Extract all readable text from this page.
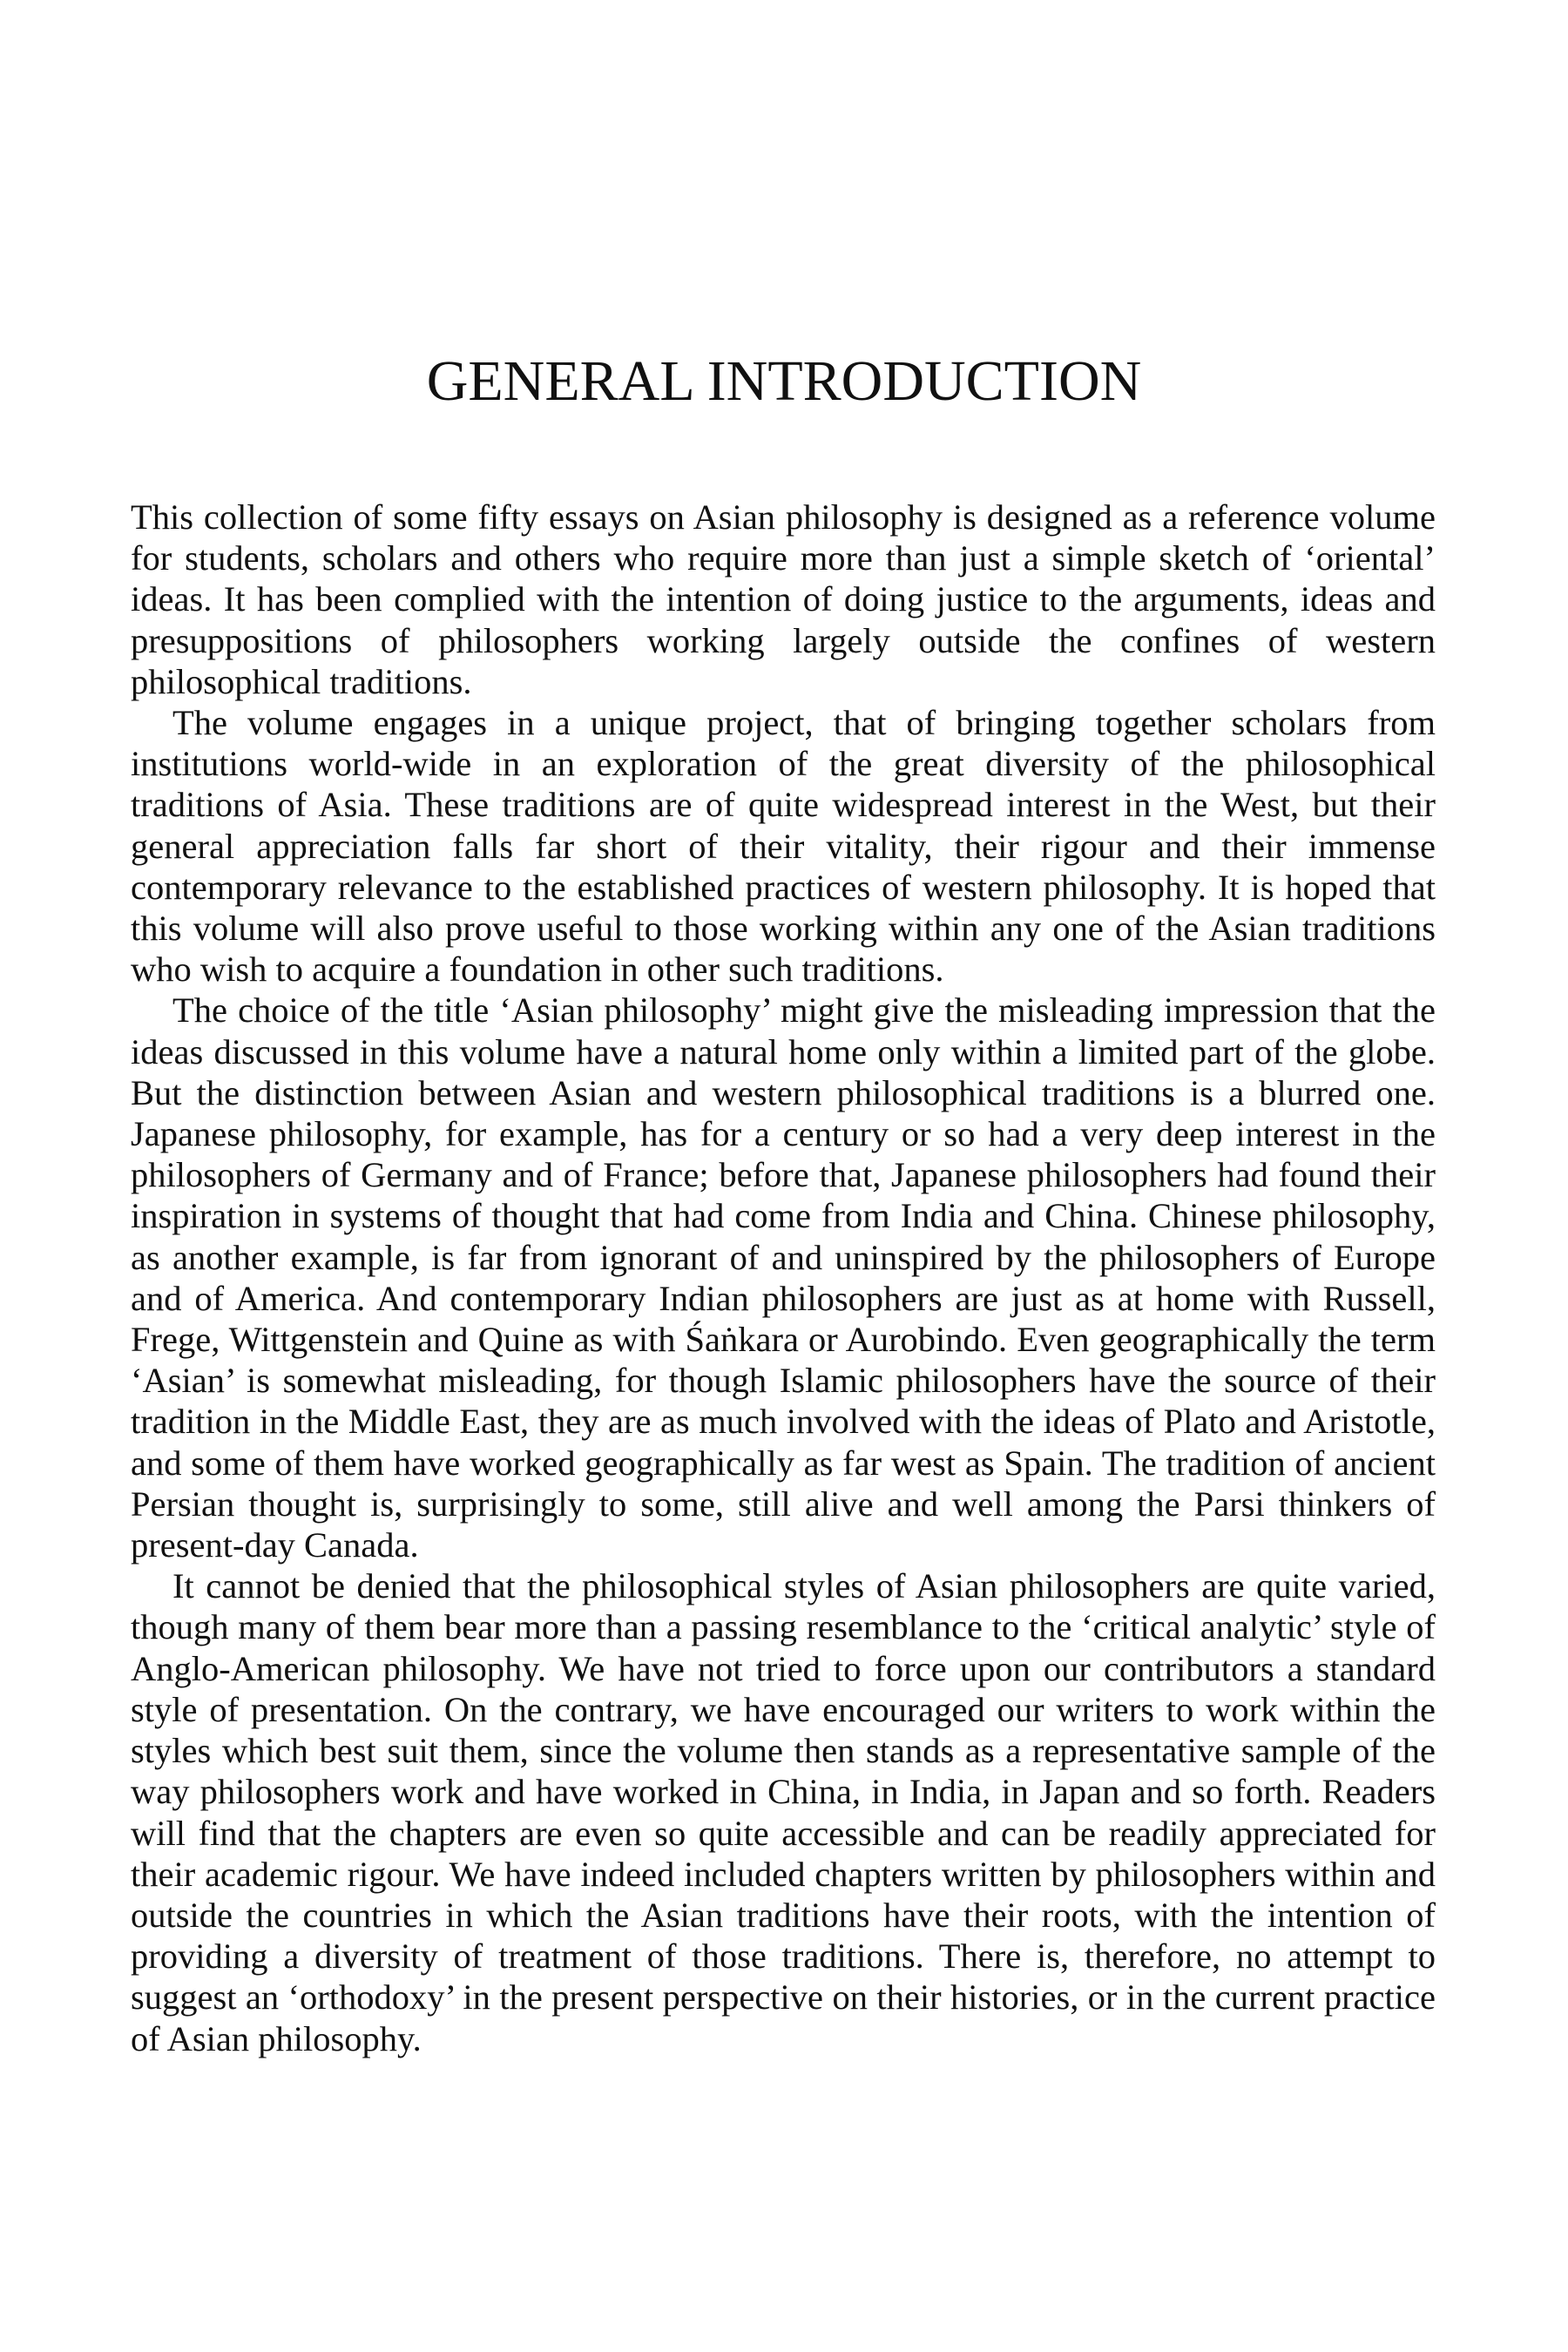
GENERAL INTRODUCTION

This collection of some fifty essays on Asian philosophy is designed as a reference volume for students, scholars and others who require more than just a simple sketch of ‘oriental’ ideas. It has been complied with the intention of doing justice to the arguments, ideas and presuppositions of philosophers working largely outside the confines of western philosophical traditions.

The volume engages in a unique project, that of bringing together scholars from institutions world-wide in an exploration of the great diversity of the philosophical traditions of Asia. These traditions are of quite widespread interest in the West, but their general appreciation falls far short of their vitality, their rigour and their immense contemporary relevance to the established practices of western philosophy. It is hoped that this volume will also prove useful to those working within any one of the Asian traditions who wish to acquire a foundation in other such traditions.

The choice of the title ‘Asian philosophy’ might give the misleading impression that the ideas discussed in this volume have a natural home only within a limited part of the globe. But the distinction between Asian and western philosophical traditions is a blurred one. Japanese philosophy, for example, has for a century or so had a very deep interest in the philosophers of Germany and of France; before that, Japanese philosophers had found their inspiration in systems of thought that had come from India and China. Chinese philosophy, as another example, is far from ignorant of and uninspired by the philosophers of Europe and of America. And contemporary Indian philosophers are just as at home with Russell, Frege, Wittgenstein and Quine as with Śaṅkara or Aurobindo. Even geographically the term ‘Asian’ is somewhat misleading, for though Islamic philosophers have the source of their tradition in the Middle East, they are as much involved with the ideas of Plato and Aristotle, and some of them have worked geographically as far west as Spain. The tradition of ancient Persian thought is, surprisingly to some, still alive and well among the Parsi thinkers of present-day Canada.

It cannot be denied that the philosophical styles of Asian philosophers are quite varied, though many of them bear more than a passing resemblance to the ‘critical analytic’ style of Anglo-American philosophy. We have not tried to force upon our contributors a standard style of presentation. On the contrary, we have encouraged our writers to work within the styles which best suit them, since the volume then stands as a representative sample of the way philosophers work and have worked in China, in India, in Japan and so forth. Readers will find that the chapters are even so quite accessible and can be readily appreciated for their academic rigour. We have indeed included chapters written by philosophers within and outside the countries in which the Asian traditions have their roots, with the intention of providing a diversity of treatment of those traditions. There is, therefore, no attempt to suggest an ‘orthodoxy’ in the present perspective on their histories, or in the current practice of Asian philosophy.
